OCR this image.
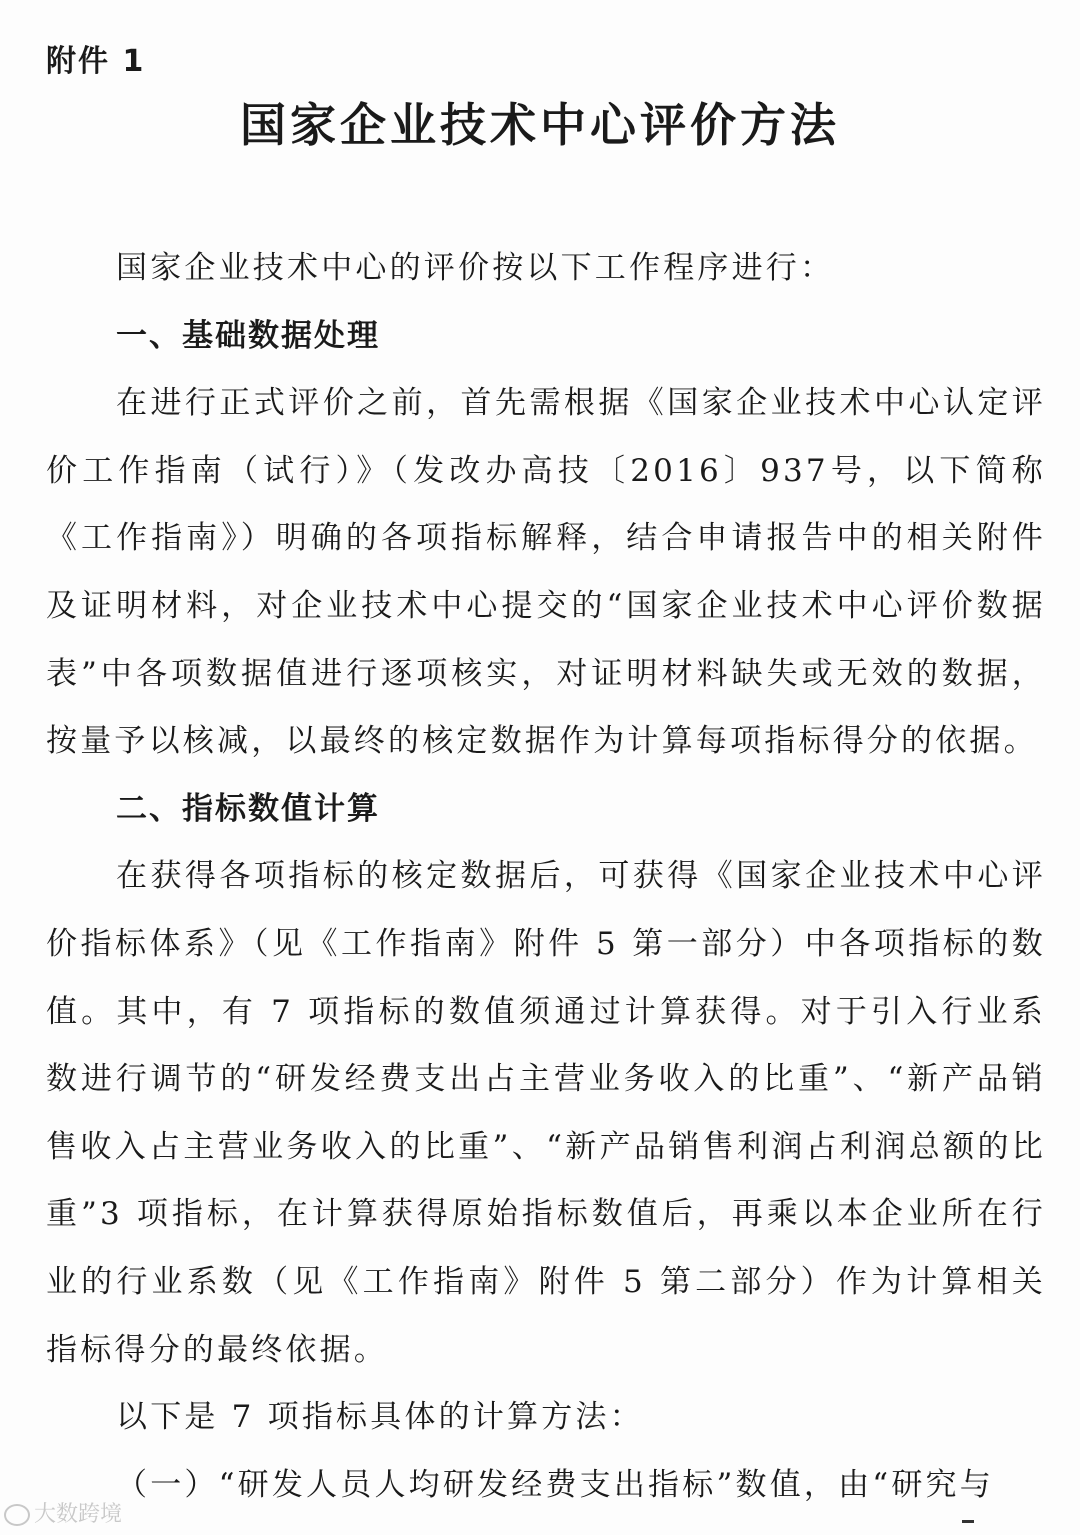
附件 1
国家企业技术中心评价方法

国家企业技术中心的评价按以下工作程序进行：

一、基础数据处理

在进行正式评价之前，首先需根据《国家企业技术中心认定评价工作指南（试行）》（发改办高技〔2016〕937号，以下简称《工作指南》）明确的各项指标解释，结合申请报告中的相关附件及证明材料，对企业技术中心提交的“国家企业技术中心评价数据表”中各项数据值进行逐项核实，对证明材料缺失或无效的数据，按量予以核减，以最终的核定数据作为计算每项指标得分的依据。

二、指标数值计算

在获得各项指标的核定数据后，可获得《国家企业技术中心评价指标体系》（见《工作指南》附件 5 第一部分）中各项指标的数值。其中，有 7 项指标的数值须通过计算获得。对于引入行业系数进行调节的“研发经费支出占主营业务收入的比重”、“新产品销售收入占主营业务收入的比重”、“新产品销售利润占利润总额的比重”3 项指标，在计算获得原始指标数值后，再乘以本企业所在行业的行业系数（见《工作指南》附件 5 第二部分）作为计算相关指标得分的最终依据。

以下是 7 项指标具体的计算方法：

（一）“研发人员人均研发经费支出指标”数值，由“研究与

大数跨境
